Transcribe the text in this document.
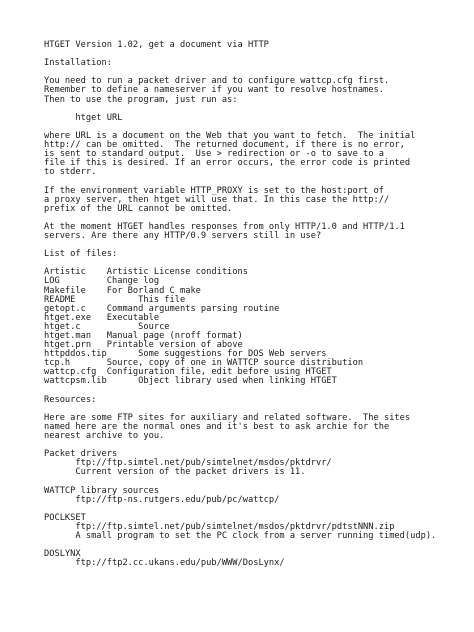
HTGET Version 1.02, get a document via HTTP
Installation:
You need to run a packet driver and to configure wattcp.cfg first.
Remember to define a nameserver if you want to resolve hostnames.
Then to use the program, just run as:
htget URL
where URL is a document on the Web that you want to fetch.  The initial
http:// can be omitted.  The returned document, if there is no error,
is sent to standard output.  Use > redirection or -o to save to a
file if this is desired. If an error occurs, the error code is printed
to stderr.
If the environment variable HTTP_PROXY is set to the host:port of
a proxy server, then htget will use that. In this case the http://
prefix of the URL cannot be omitted.
At the moment HTGET handles responses from only HTTP/1.0 and HTTP/1.1
servers. Are there any HTTP/0.9 servers still in use?
List of files:
Artistic    Artistic License conditions
LOG         Change log
Makefile    For Borland C make
README            This file
getopt.c    Command arguments parsing routine
htget.exe   Executable
htget.c           Source
htget.man   Manual page (nroff format)
htget.prn   Printable version of above
httpddos.tip      Some suggestions for DOS Web servers
tcp.h       Source, copy of one in WATTCP source distribution
wattcp.cfg  Configuration file, edit before using HTGET
wattcpsm.lib      Object library used when linking HTGET
Resources:
Here are some FTP sites for auxiliary and related software.  The sites
named here are the normal ones and it's best to ask archie for the
nearest archive to you.
Packet drivers
ftp://ftp.simtel.net/pub/simtelnet/msdos/pktdrvr/
Current version of the packet drivers is 11.
WATTCP library sources
ftp://ftp-ns.rutgers.edu/pub/pc/wattcp/
POCLKSET
ftp://ftp.simtel.net/pub/simtelnet/msdos/pktdrvr/pdtstNNN.zip
A small program to set the PC clock from a server running timed(udp).
DOSLYNX
ftp://ftp2.cc.ukans.edu/pub/WWW/DosLynx/
